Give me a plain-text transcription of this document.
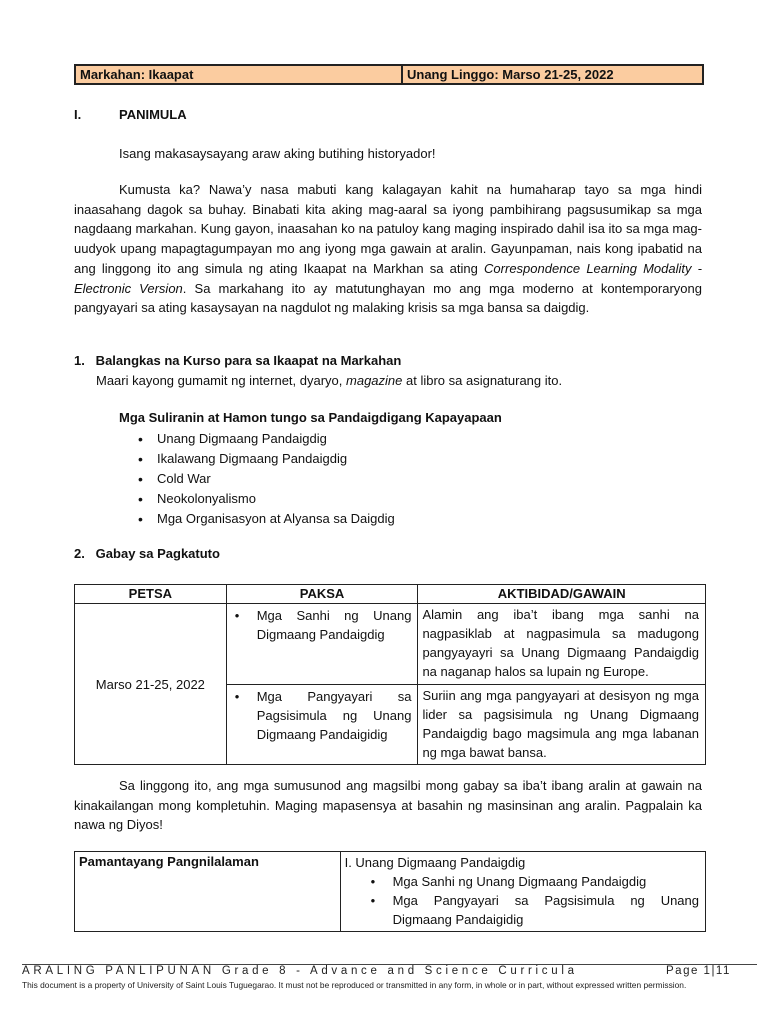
Markahan: Ikaapat	Unang Linggo: Marso 21-25, 2022
I.	PANIMULA
Isang makasaysayang araw aking butihing historyador!
Kumusta ka? Nawa’y nasa mabuti kang kalagayan kahit na humaharap tayo sa mga hindi inaasahang dagok sa buhay. Binabati kita aking mag-aaral sa iyong pambihirang pagsusumikap sa mga nagdaang markahan. Kung gayon, inaasahan ko na patuloy kang maging inspirado dahil isa ito sa mga mag-uudyok upang mapagtagumpayan mo ang iyong mga gawain at aralin. Gayunpaman, nais kong ipabatid na ang linggong ito ang simula ng ating Ikaapat na Markhan sa ating Correspondence Learning Modality - Electronic Version. Sa markahang ito ay matutunghayan mo ang mga moderno at kontemporaryong pangyayari sa ating kasaysayan na nagdulot ng malaking krisis sa mga bansa sa daigdig.
1.   Balangkas na Kurso para sa Ikaapat na Markahan
Maari kayong gumamit ng internet, dyaryo, magazine at libro sa asignaturang ito.
Mga Suliranin at Hamon tungo sa Pandaigdigang Kapayapaan
• Unang Digmaang Pandaigdig
• Ikalawang Digmaang Pandaigdig
• Cold War
• Neokolonyalismo
• Mga Organisasyon at Alyansa sa Daigdig
2.   Gabay sa Pagkatuto
PETSA	PAKSA	AKTIBIDAD/GAWAIN
Marso 21-25, 2022	• Mga Sanhi ng Unang Digmaang Pandaigdig	Alamin ang iba’t ibang mga sanhi na nagpasiklab at nagpasimula sa madugong pangyayayri sa Unang Digmaang Pandaigdig na naganap halos sa lupain ng Europe.

	• Mga Pangyayari sa Pagsisimula ng Unang Digmaang Pandaigidig	Suriin ang mga pangyayari at desisyon ng mga lider sa pagsisimula ng Unang Digmaang Pandaigdig bago magsimula ang mga labanan ng mga bawat bansa.
Sa linggong ito, ang mga sumusunod ang magsilbi mong gabay sa iba’t ibang aralin at gawain na kinakailangan mong kompletuhin. Maging mapasensya at basahin ng masinsinan ang aralin. Pagpalain ka nawa ng Diyos!
Pamantayang Pangnilalaman	I. Unang Digmaang Pandaigdig
• Mga Sanhi ng Unang Digmaang Pandaigdig
• Mga Pangyayari sa Pagsisimula ng Unang Digmaang Pandaigidig
ARALING PANLIPUNAN Grade 8 - Advance and Science Curricula	Page 1|11
This document is a property of University of Saint Louis Tuguegarao. It must not be reproduced or transmitted in any form, in whole or in part, without expressed written permission.
